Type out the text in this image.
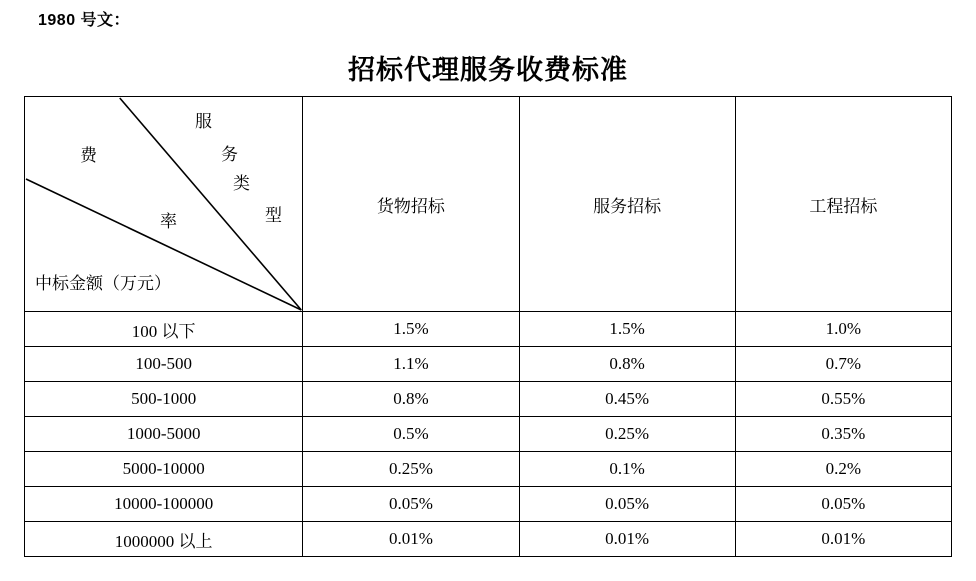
1980 号文：
招标代理服务收费标准
服
务
类
型
费
率
中标金额（万元）
	货物招标	服务招标	工程招标
100 以下	1.5%	1.5%	1.0%
100-500	1.1%	0.8%	0.7%
500-1000	0.8%	0.45%	0.55%
1000-5000	0.5%	0.25%	0.35%
5000-10000	0.25%	0.1%	0.2%
10000-100000	0.05%	0.05%	0.05%
1000000 以上	0.01%	0.01%	0.01%
